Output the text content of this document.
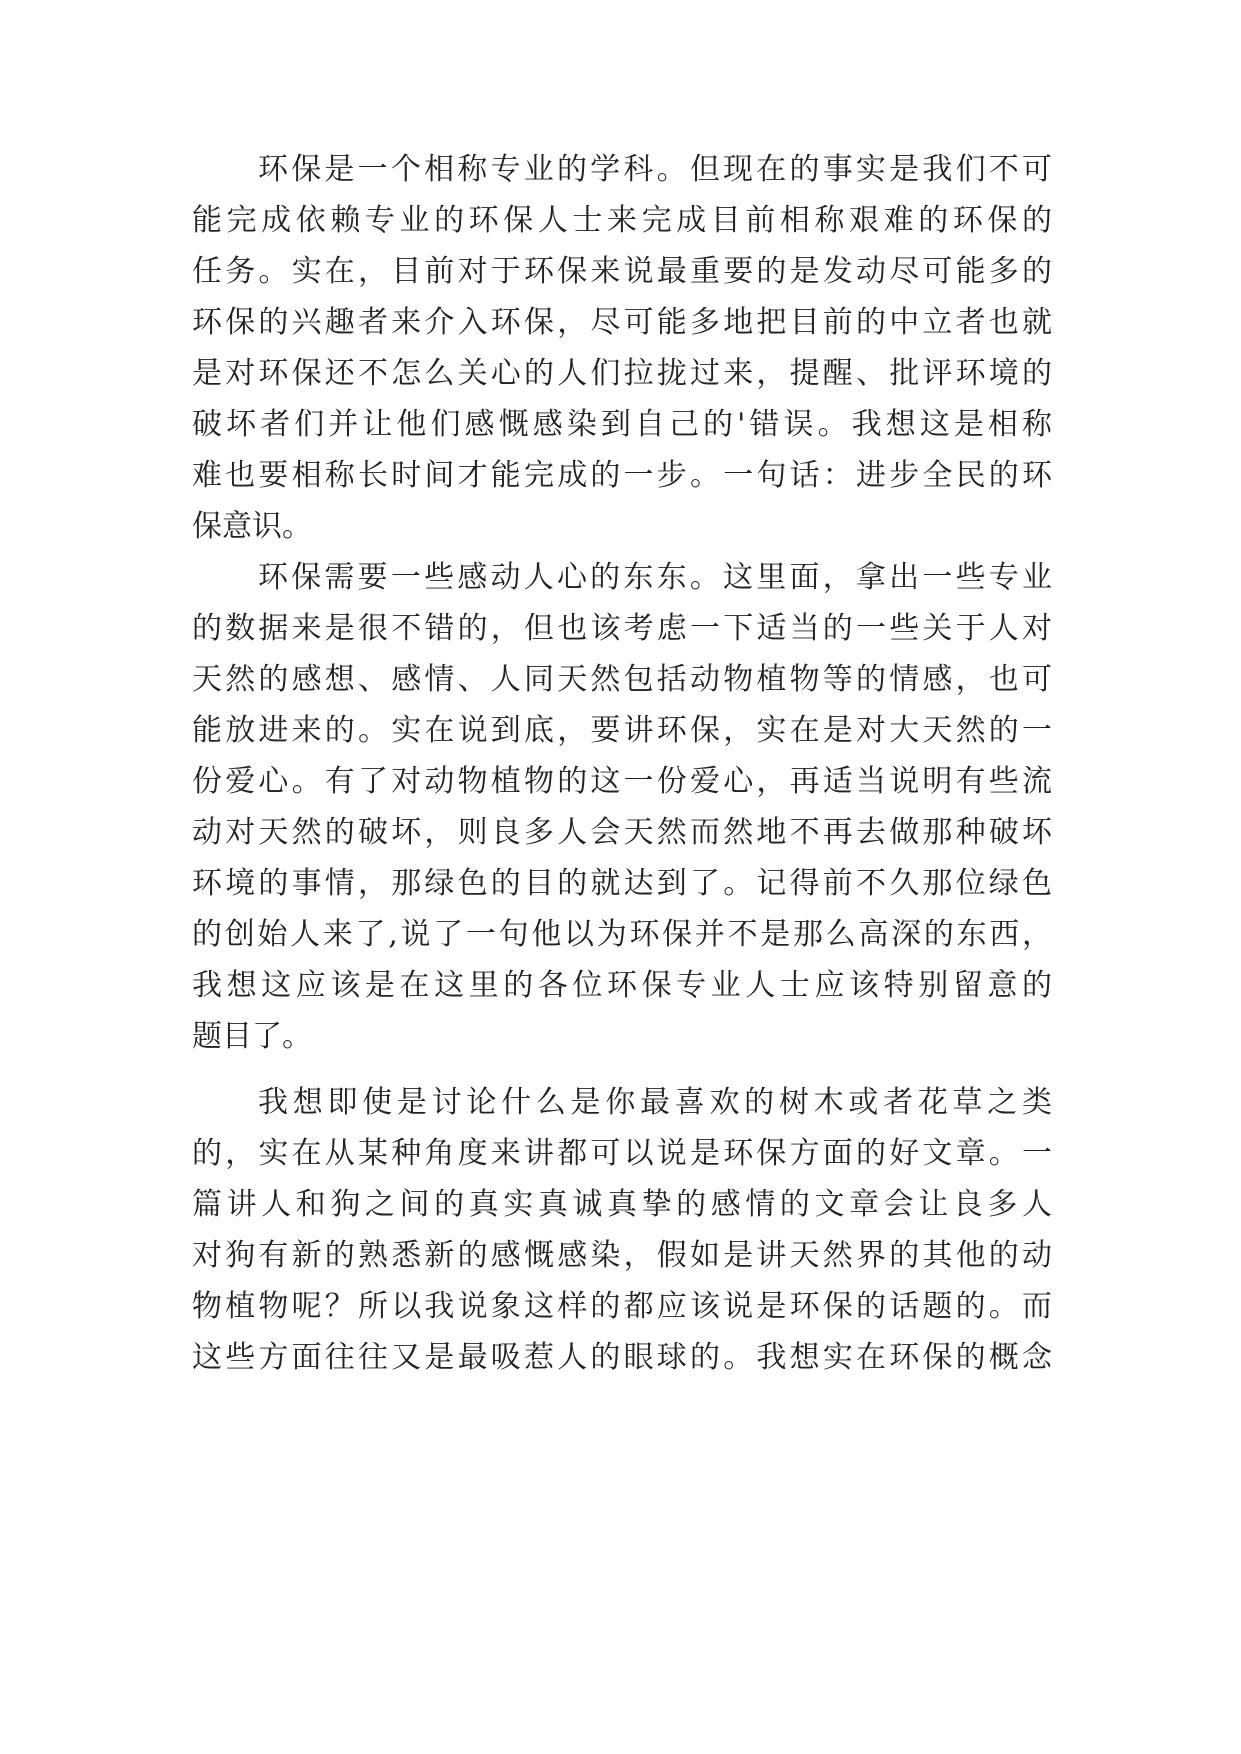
环保是一个相称专业的学科。但现在的事实是我们不可
能完成依赖专业的环保人士来完成目前相称艰难的环保的
任务。实在，目前对于环保来说最重要的是发动尽可能多的
环保的兴趣者来介入环保，尽可能多地把目前的中立者也就
是对环保还不怎么关心的人们拉拢过来，提醒、批评环境的
破坏者们并让他们感慨感染到自己的'错误。我想这是相称
难也要相称长时间才能完成的一步。一句话：进步全民的环
保意识。
环保需要一些感动人心的东东。这里面，拿出一些专业
的数据来是很不错的，但也该考虑一下适当的一些关于人对
天然的感想、感情、人同天然包括动物植物等的情感，也可
能放进来的。实在说到底，要讲环保，实在是对大天然的一
份爱心。有了对动物植物的这一份爱心，再适当说明有些流
动对天然的破坏，则良多人会天然而然地不再去做那种破坏
环境的事情，那绿色的目的就达到了。记得前不久那位绿色
的创始人来了,说了一句他以为环保并不是那么高深的东西，
我想这应该是在这里的各位环保专业人士应该特别留意的
题目了。
我想即使是讨论什么是你最喜欢的树木或者花草之类
的，实在从某种角度来讲都可以说是环保方面的好文章。一
篇讲人和狗之间的真实真诚真挚的感情的文章会让良多人
对狗有新的熟悉新的感慨感染，假如是讲天然界的其他的动
物植物呢？所以我说象这样的都应该说是环保的话题的。而
这些方面往往又是最吸惹人的眼球的。我想实在环保的概念
